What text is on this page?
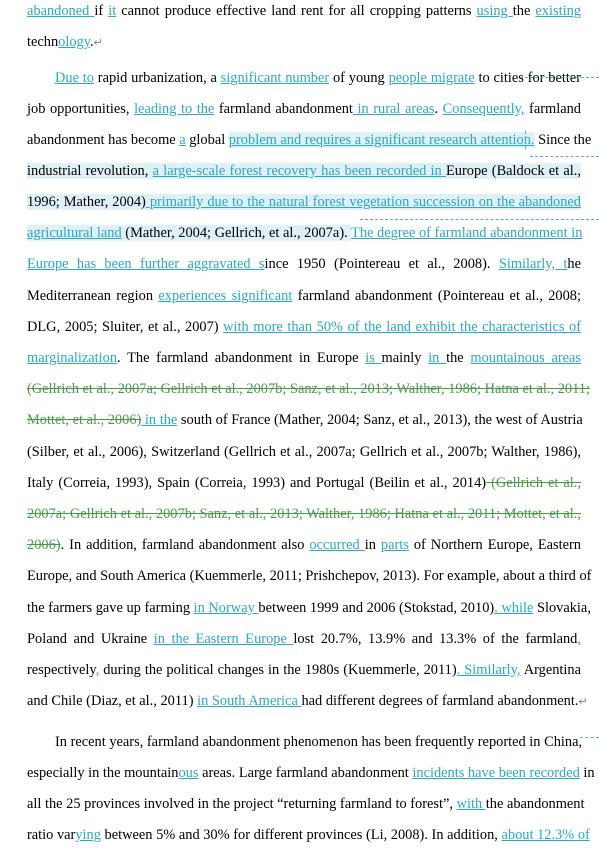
abandoned if it cannot produce effective land rent for all cropping patterns using the existing
technology.↵
Due to rapid urbanization, a significant number of young people migrate to cities for better
job opportunities, leading to the farmland abandonment in rural areas. Consequently, farmland
abandonment has become a global problem and requires a significant research attention. Since the
industrial revolution, a large-scale forest recovery has been recorded in Europe (Baldock et al.,
1996; Mather, 2004) primarily due to the natural forest vegetation succession on the abandoned
agricultural land (Mather, 2004; Gellrich, et al., 2007a). The degree of farmland abandonment in
Europe has been further aggravated since 1950 (Pointereau et al., 2008). Similarly, the
Mediterranean region experiences significant farmland abandonment (Pointereau et al., 2008;
DLG, 2005; Sluiter, et al., 2007) with more than 50% of the land exhibit the characteristics of
marginalization. The farmland abandonment in Europe is mainly in the mountainous areas
(Gellrich et al., 2007a; Gellrich et al., 2007b; Sanz, et al., 2013; Walther, 1986; Hatna et al., 2011;
Mottet, et al., 2006) in the south of France (Mather, 2004; Sanz, et al., 2013), the west of Austria
(Silber, et al., 2006), Switzerland (Gellrich et al., 2007a; Gellrich et al., 2007b; Walther, 1986),
Italy (Correia, 1993), Spain (Correia, 1993) and Portugal (Beilin et al., 2014) (Gellrich et al.,
2007a; Gellrich et al., 2007b; Sanz, et al., 2013; Walther, 1986; Hatna et al., 2011; Mottet, et al.,
2006). In addition, farmland abandonment also occurred in parts of Northern Europe, Eastern
Europe, and South America (Kuemmerle, 2011; Prishchepov, 2013). For example, about a third of
the farmers gave up farming in Norway between 1999 and 2006 (Stokstad, 2010). while Slovakia,
Poland and Ukraine in the Eastern Europe lost 20.7%, 13.9% and 13.3% of the farmland,
respectively, during the political changes in the 1980s (Kuemmerle, 2011). Similarly, Argentina
and Chile (Diaz, et al., 2011) in South America had different degrees of farmland abandonment.↵
In recent years, farmland abandonment phenomenon has been frequently reported in China,
especially in the mountainous areas. Large farmland abandonment incidents have been recorded in
all the 25 provinces involved in the project “returning farmland to forest”, with the abandonment
ratio varying between 5% and 30% for different provinces (Li, 2008). In addition, about 12.3% of
